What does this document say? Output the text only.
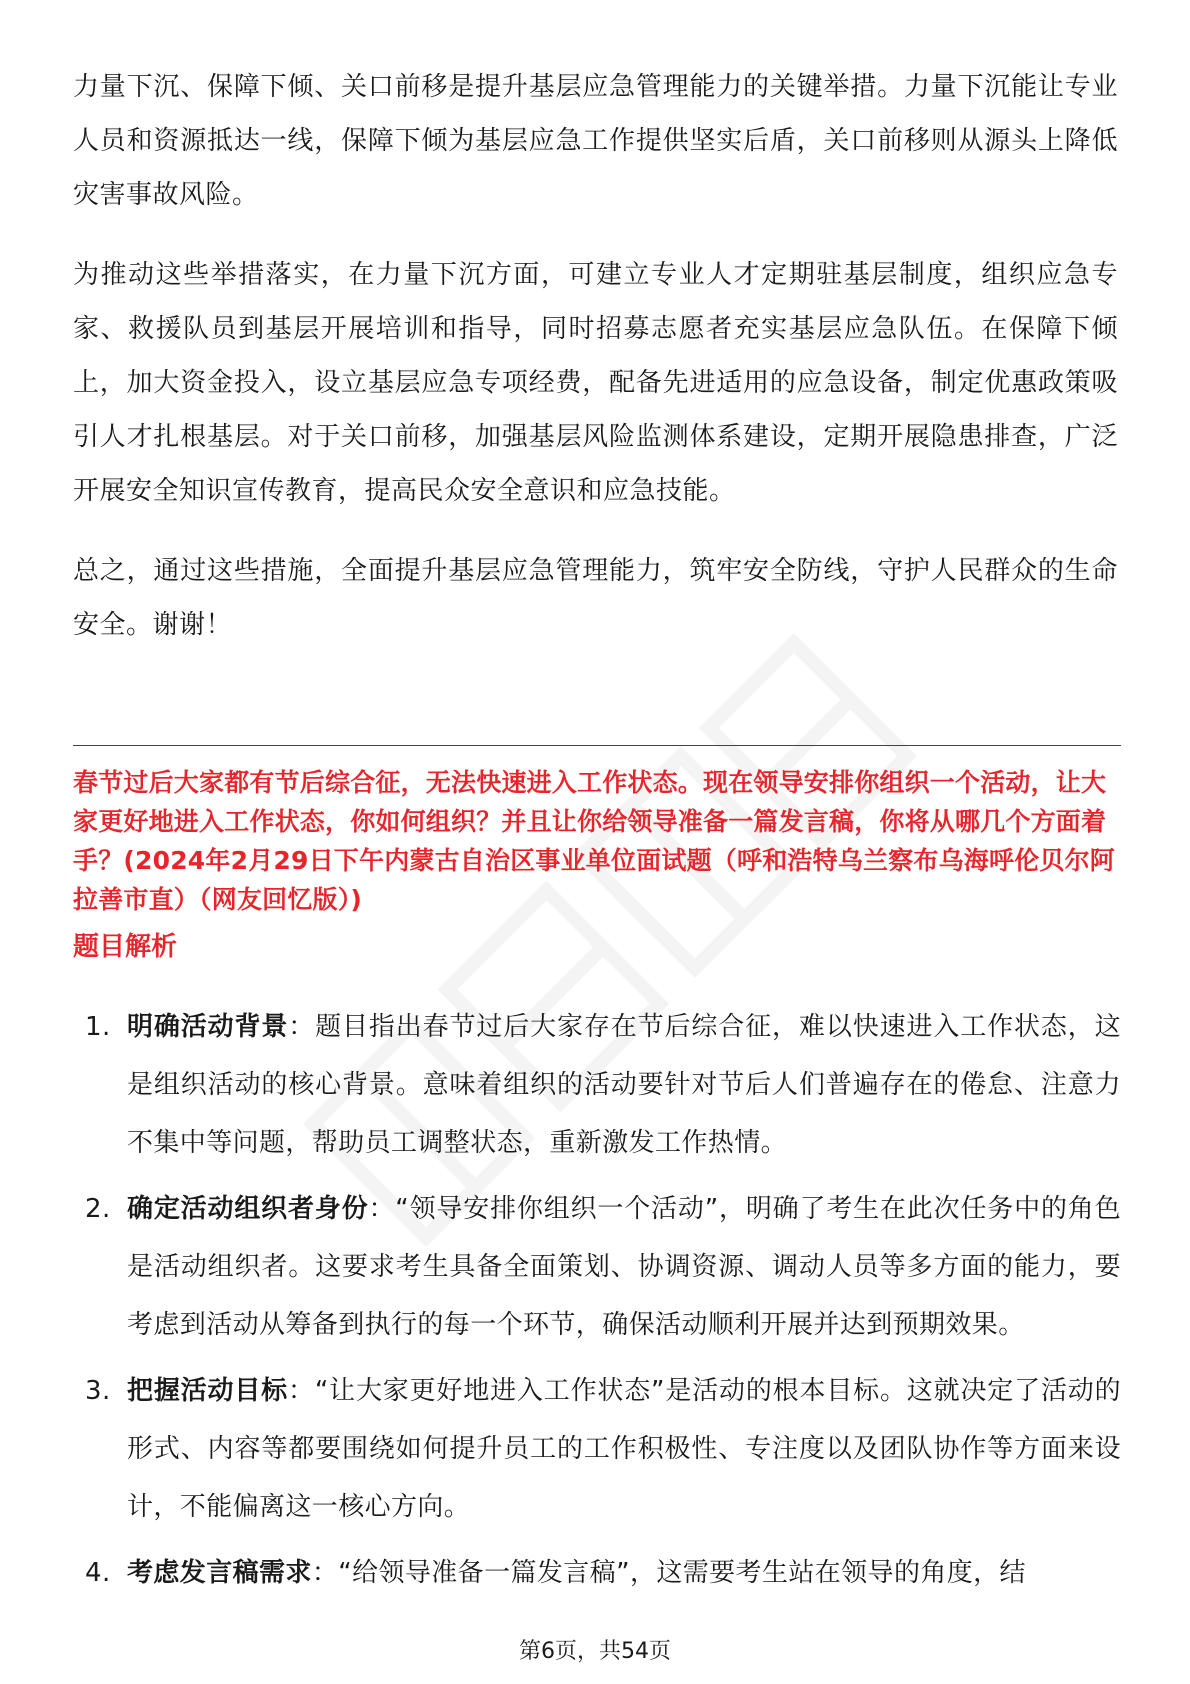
力量下沉、保障下倾、关口前移是提升基层应急管理能力的关键举措。力量下沉能让专业人员和资源抵达一线，保障下倾为基层应急工作提供坚实后盾，关口前移则从源头上降低灾害事故风险。

为推动这些举措落实，在力量下沉方面，可建立专业人才定期驻基层制度，组织应急专家、救援队员到基层开展培训和指导，同时招募志愿者充实基层应急队伍。在保障下倾上，加大资金投入，设立基层应急专项经费，配备先进适用的应急设备，制定优惠政策吸引人才扎根基层。对于关口前移，加强基层风险监测体系建设，定期开展隐患排查，广泛开展安全知识宣传教育，提高民众安全意识和应急技能。

总之，通过这些措施，全面提升基层应急管理能力，筑牢安全防线，守护人民群众的生命安全。谢谢！

春节过后大家都有节后综合征，无法快速进入工作状态。现在领导安排你组织一个活动，让大家更好地进入工作状态，你如何组织？并且让你给领导准备一篇发言稿，你将从哪几个方面着手？(2024年2月29日下午内蒙古自治区事业单位面试题（呼和浩特乌兰察布乌海呼伦贝尔阿拉善市直）（网友回忆版）)

题目解析

1. 明确活动背景：题目指出春节过后大家存在节后综合征，难以快速进入工作状态，这是组织活动的核心背景。意味着组织的活动要针对节后人们普遍存在的倦怠、注意力不集中等问题，帮助员工调整状态，重新激发工作热情。
2. 确定活动组织者身份：“领导安排你组织一个活动”，明确了考生在此次任务中的角色是活动组织者。这要求考生具备全面策划、协调资源、调动人员等多方面的能力，要考虑到活动从筹备到执行的每一个环节，确保活动顺利开展并达到预期效果。
3. 把握活动目标：“让大家更好地进入工作状态”是活动的根本目标。这就决定了活动的形式、内容等都要围绕如何提升员工的工作积极性、专注度以及团队协作等方面来设计，不能偏离这一核心方向。
4. 考虑发言稿需求：“给领导准备一篇发言稿”，这需要考生站在领导的角度，结
第6页，共54页
